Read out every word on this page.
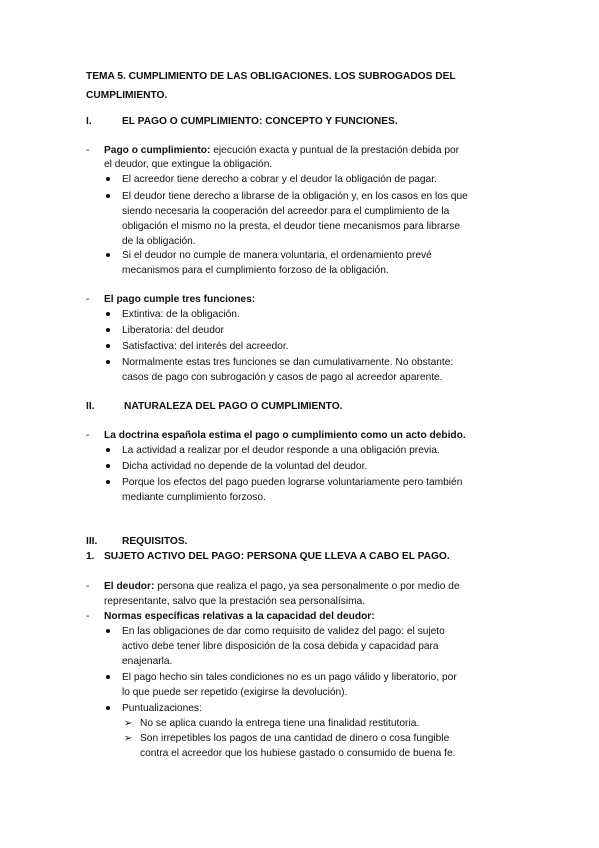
TEMA 5. CUMPLIMIENTO DE LAS OBLIGACIONES. LOS SUBROGADOS DEL
CUMPLIMIENTO.
I.	EL PAGO O CUMPLIMIENTO: CONCEPTO Y FUNCIONES.
- Pago o cumplimiento: ejecución exacta y puntual de la prestación debida por
el deudor, que extingue la obligación.
El acreedor tiene derecho a cobrar y el deudor la obligación de pagar.
El deudor tiene derecho a librarse de la obligación y, en los casos en los que
siendo necesaria la cooperación del acreedor para el cumplimiento de la
obligación el mismo no la presta, el deudor tiene mecanismos para librarse
de la obligación.
Si el deudor no cumple de manera voluntaria, el ordenamiento prevé
mecanismos para el cumplimiento forzoso de la obligación.
- El pago cumple tres funciones:
Extintiva: de la obligación.
Liberatoria: del deudor
Satisfactiva: del interés del acreedor.
Normalmente estas tres funciones se dan cumulativamente. No obstante:
casos de pago con subrogación y casos de pago al acreedor aparente.
II.	NATURALEZA DEL PAGO O CUMPLIMIENTO.
- La doctrina española estima el pago o cumplimiento como un acto debido.
La actividad a realizar por el deudor responde a una obligación previa.
Dicha actividad no depende de la voluntad del deudor.
Porque los efectos del pago pueden lograrse voluntariamente pero también
mediante cumplimiento forzoso.
III. REQUISITOS.
1. SUJETO ACTIVO DEL PAGO: PERSONA QUE LLEVA A CABO EL PAGO.
- El deudor: persona que realiza el pago, ya sea personalmente o por medio de
representante, salvo que la prestación sea personalísima.
- Normas específicas relativas a la capacidad del deudor:
En las obligaciones de dar como requisito de validez del pago: el sujeto
activo debe tener libre disposición de la cosa debida y capacidad para
enajenarla.
El pago hecho sin tales condiciones no es un pago válido y liberatorio, por
lo que puede ser repetido (exigirse la devolución).
Puntualizaciones:
➢ No se aplica cuando la entrega tiene una finalidad restitutoria.
➢ Son irrepetibles los pagos de una cantidad de dinero o cosa fungible
contra el acreedor que los hubiese gastado o consumido de buena fe.
